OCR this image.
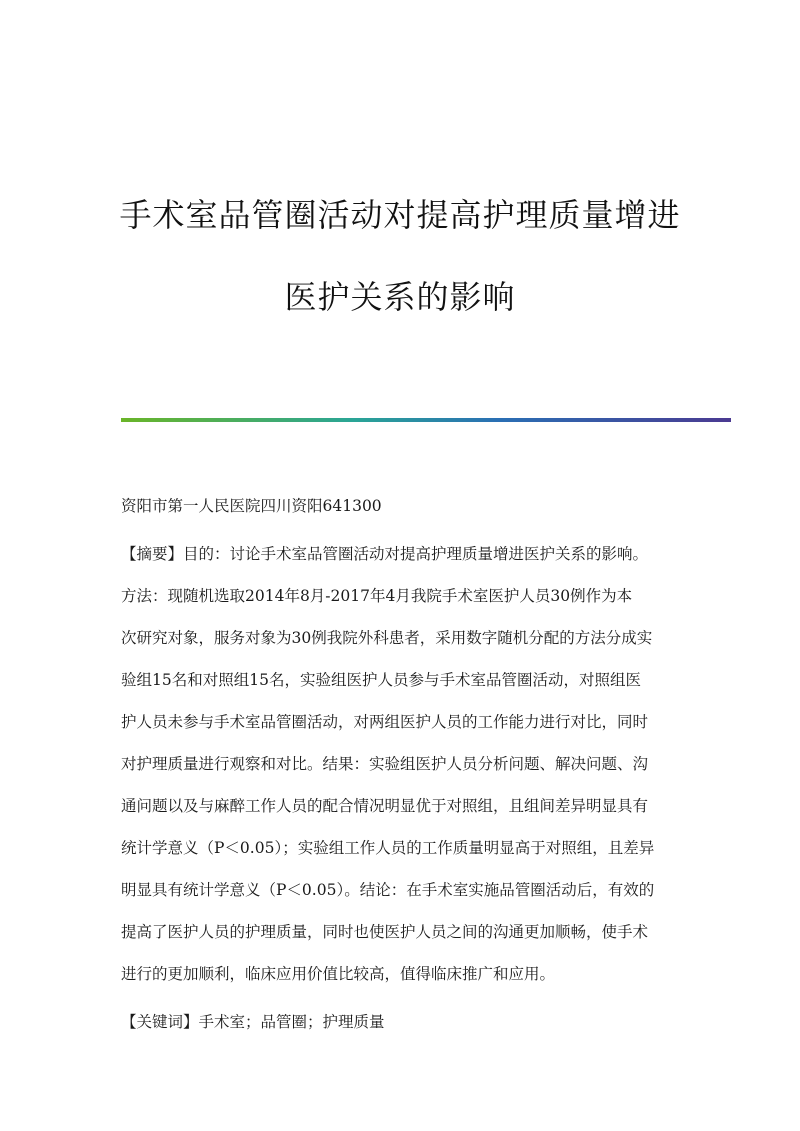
手术室品管圈活动对提高护理质量增进
医护关系的影响
资阳市第一人民医院四川资阳641300
【摘要】目的：讨论手术室品管圈活动对提高护理质量增进医护关系的影响。
方法：现随机选取2014年8月-2017年4月我院手术室医护人员30例作为本
次研究对象，服务对象为30例我院外科患者，采用数字随机分配的方法分成实
验组15名和对照组15名，实验组医护人员参与手术室品管圈活动，对照组医
护人员未参与手术室品管圈活动，对两组医护人员的工作能力进行对比，同时
对护理质量进行观察和对比。结果：实验组医护人员分析问题、解决问题、沟
通问题以及与麻醉工作人员的配合情况明显优于对照组，且组间差异明显具有
统计学意义（P＜0.05）；实验组工作人员的工作质量明显高于对照组，且差异
明显具有统计学意义（P＜0.05）。结论：在手术室实施品管圈活动后，有效的
提高了医护人员的护理质量，同时也使医护人员之间的沟通更加顺畅，使手术
进行的更加顺利，临床应用价值比较高，值得临床推广和应用。
【关键词】手术室；品管圈；护理质量
